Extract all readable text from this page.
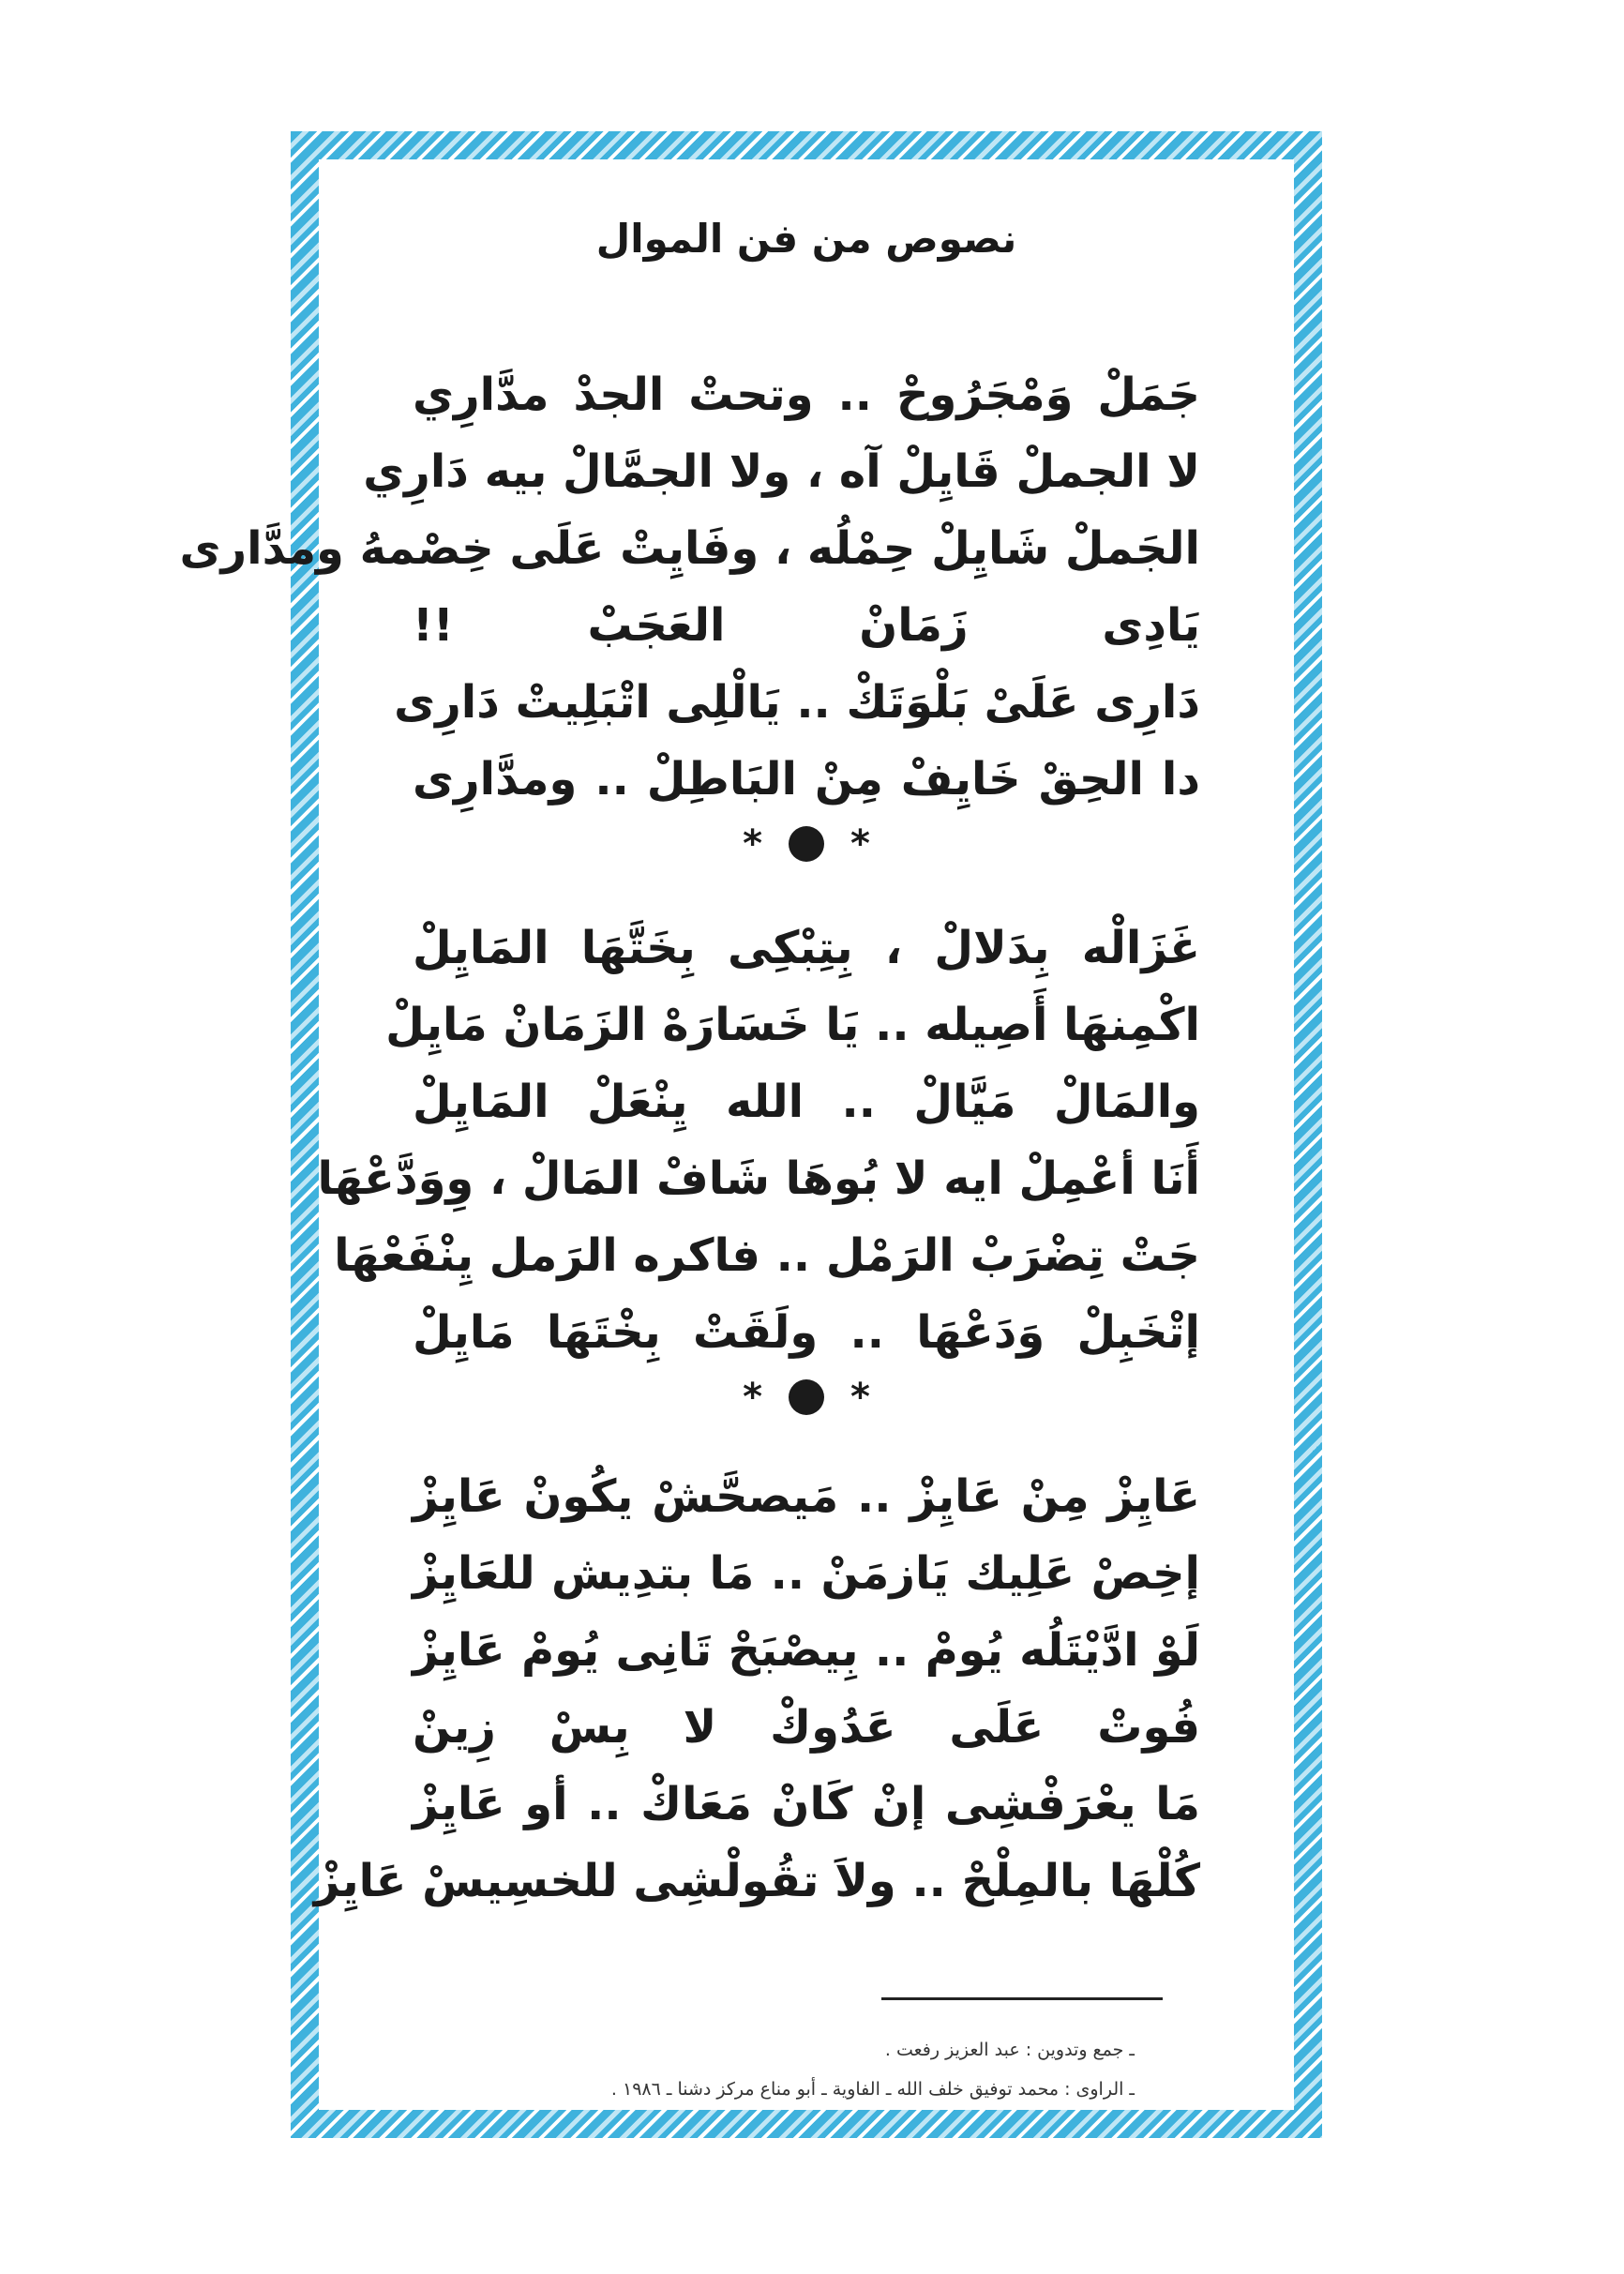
نصوص من فن الموال
جَمَلْ وَمْجَرُوحْ .. وتحتْ الجدْ مدَّارِي
لا الجملْ قَايِلْ آه ، ولا الجمَّالْ بيه دَارِي
الجَملْ شَايِلْ حِمْلُه ، وفَايِتْ عَلَى خِصْمهُ ومدَّارى
يَادِى زَمَانْ العَجَبْ !!
دَارِى عَلَىْ بَلْوَتَكْ .. يَالْلِى اتْبَلِيتْ دَارِى
دا الحِقْ خَايِفْ مِنْ البَاطِلْ .. ومدَّارِى
* *
غَزَالْه بِدَلالْ ، بِتِبْكِى بِخَتَّهَا المَايِلْ
اكْمِنهَا أَصِيله .. يَا خَسَارَهْ الزَمَانْ مَايِلْ
والمَالْ مَيَّالْ .. الله يِنْعَلْ المَايِلْ
أَنَا أعْمِلْ ايه لا بُوهَا شَافْ المَالْ ، وِوَدَّعْهَا
جَتْ تِضْرَبْ الرَمْل .. فاكره الرَمل يِنْفَعْهَا
إتْخَبِلْ وَدَعْهَا .. ولَقَتْ بِخْتَهَا مَايِلْ
* *
عَايِزْ مِنْ عَايِزْ .. مَيصحَّشْ يكُونْ عَايِزْ
إخِصْ عَلِيك يَازمَنْ .. مَا بتدِيش للعَايِزْ
لَوْ ادَّيْتَلُه يُومْ .. بِيصْبَحْ تَانِى يُومْ عَايِزْ
فُوتْ عَلَى عَدُوكْ لا بِسْ زِينْ
مَا يعْرَفْشِى إنْ كَانْ مَعَاكْ .. أو عَايِزْ
كُلْهَا بالمِلْحْ .. ولاَ تقُولْشِى للخسِيسْ عَايِزْ
ـ جمع وتدوين : عبد العزيز رفعت .
ـ الراوى : محمد توفيق خلف الله ـ الفاوية ـ أبو مناع مركز دشنا ـ ١٩٨٦ .
